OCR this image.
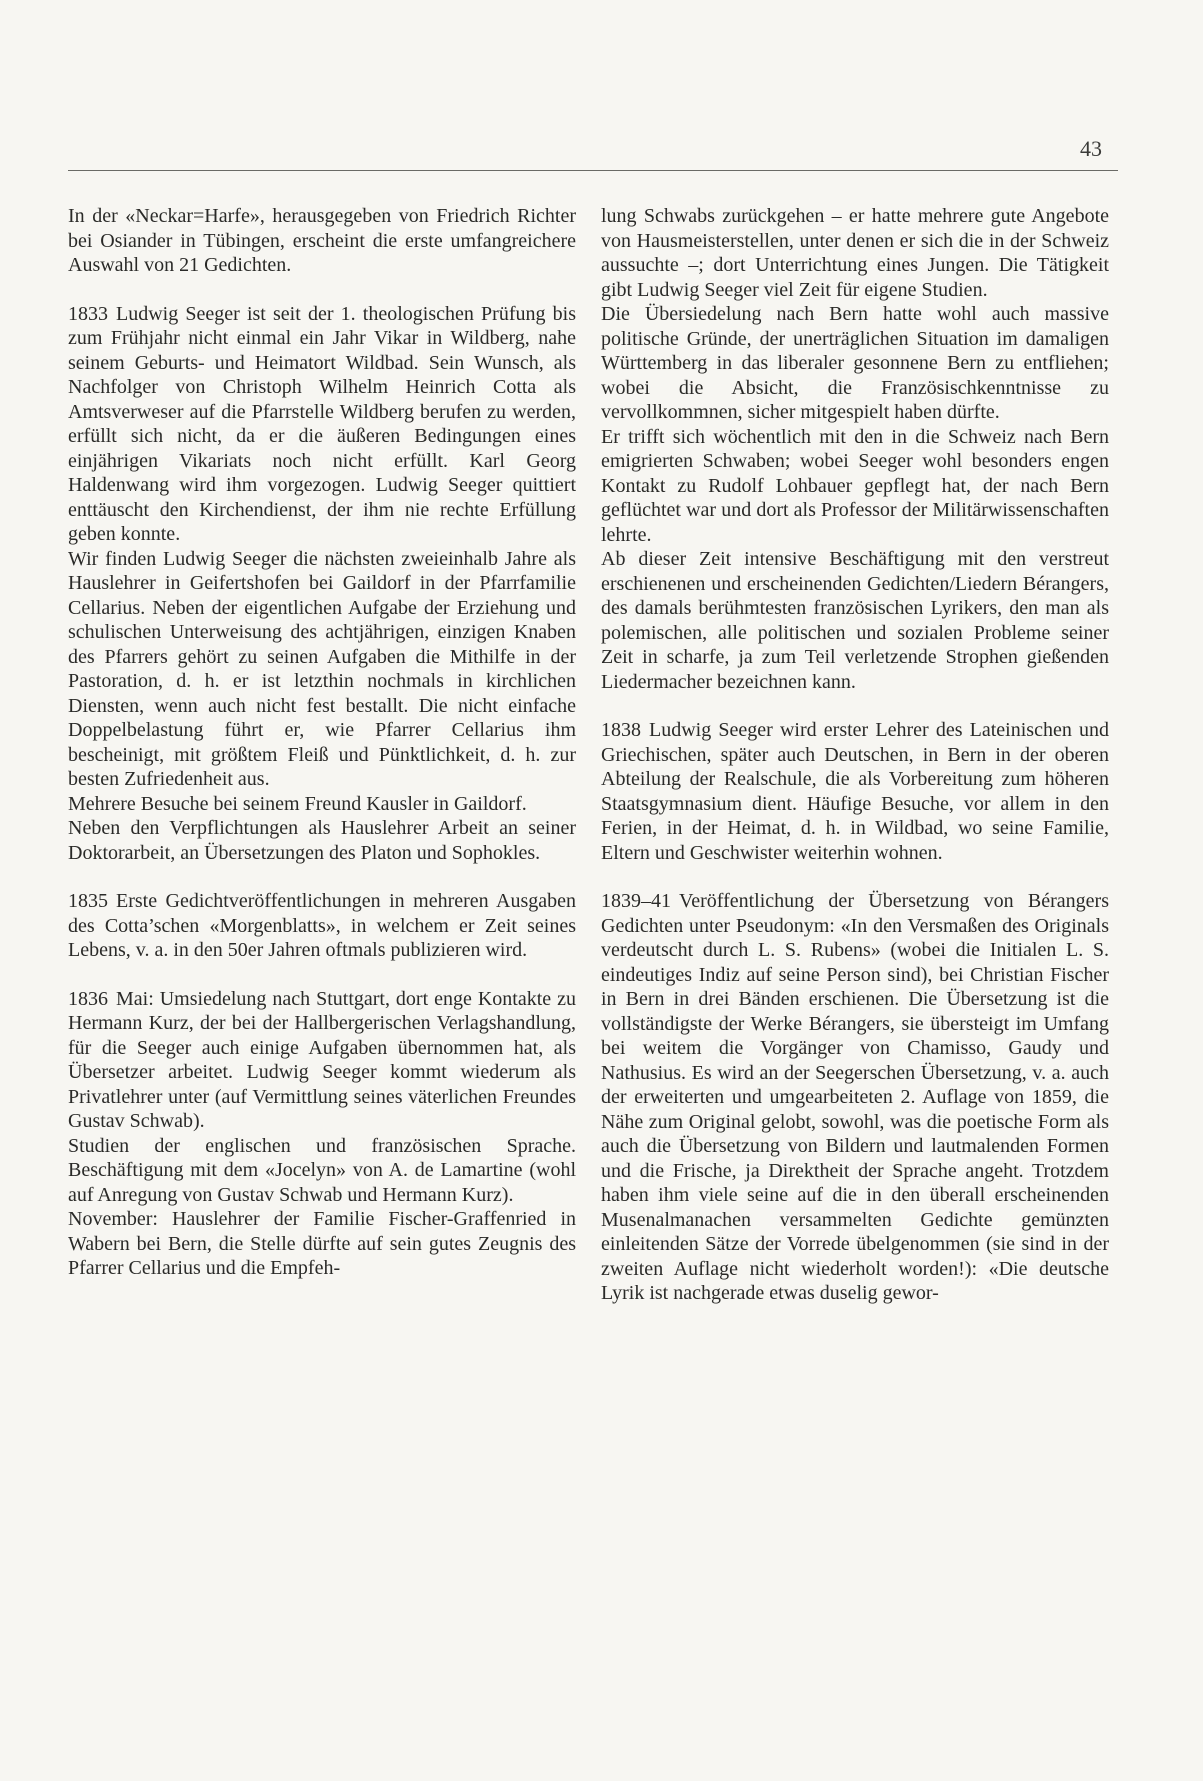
43

In der «Neckar=Harfe», herausgegeben von Friedrich Richter bei Osiander in Tübingen, erscheint die erste umfangreichere Auswahl von 21 Gedichten.

1833 Ludwig Seeger ist seit der 1. theologischen Prüfung bis zum Frühjahr nicht einmal ein Jahr Vikar in Wildberg, nahe seinem Geburts- und Heimatort Wildbad. Sein Wunsch, als Nachfolger von Christoph Wilhelm Heinrich Cotta als Amtsverweser auf die Pfarrstelle Wildberg berufen zu werden, erfüllt sich nicht, da er die äußeren Bedingungen eines einjährigen Vikariats noch nicht erfüllt. Karl Georg Haldenwang wird ihm vorgezogen. Ludwig Seeger quittiert enttäuscht den Kirchendienst, der ihm nie rechte Erfüllung geben konnte.

Wir finden Ludwig Seeger die nächsten zweieinhalb Jahre als Hauslehrer in Geifertshofen bei Gaildorf in der Pfarrfamilie Cellarius. Neben der eigentlichen Aufgabe der Erziehung und schulischen Unterweisung des achtjährigen, einzigen Knaben des Pfarrers gehört zu seinen Aufgaben die Mithilfe in der Pastoration, d. h. er ist letzthin nochmals in kirchlichen Diensten, wenn auch nicht fest bestallt. Die nicht einfache Doppelbelastung führt er, wie Pfarrer Cellarius ihm bescheinigt, mit größtem Fleiß und Pünktlichkeit, d. h. zur besten Zufriedenheit aus.

Mehrere Besuche bei seinem Freund Kausler in Gaildorf.

Neben den Verpflichtungen als Hauslehrer Arbeit an seiner Doktorarbeit, an Übersetzungen des Platon und Sophokles.

1835 Erste Gedichtveröffentlichungen in mehreren Ausgaben des Cotta’schen «Morgenblatts», in welchem er Zeit seines Lebens, v. a. in den 50er Jahren oftmals publizieren wird.

1836 Mai: Umsiedelung nach Stuttgart, dort enge Kontakte zu Hermann Kurz, der bei der Hallbergerischen Verlagshandlung, für die Seeger auch einige Aufgaben übernommen hat, als Übersetzer arbeitet. Ludwig Seeger kommt wiederum als Privatlehrer unter (auf Vermittlung seines väterlichen Freundes Gustav Schwab).

Studien der englischen und französischen Sprache. Beschäftigung mit dem «Jocelyn» von A. de Lamartine (wohl auf Anregung von Gustav Schwab und Hermann Kurz).

November: Hauslehrer der Familie Fischer-Graffenried in Wabern bei Bern, die Stelle dürfte auf sein gutes Zeugnis des Pfarrer Cellarius und die Empfeh-

lung Schwabs zurückgehen – er hatte mehrere gute Angebote von Hausmeisterstellen, unter denen er sich die in der Schweiz aussuchte –; dort Unterrichtung eines Jungen. Die Tätigkeit gibt Ludwig Seeger viel Zeit für eigene Studien.

Die Übersiedelung nach Bern hatte wohl auch massive politische Gründe, der unerträglichen Situation im damaligen Württemberg in das liberaler gesonnene Bern zu entfliehen; wobei die Absicht, die Französischkenntnisse zu vervollkommnen, sicher mitgespielt haben dürfte.

Er trifft sich wöchentlich mit den in die Schweiz nach Bern emigrierten Schwaben; wobei Seeger wohl besonders engen Kontakt zu Rudolf Lohbauer gepflegt hat, der nach Bern geflüchtet war und dort als Professor der Militärwissenschaften lehrte.

Ab dieser Zeit intensive Beschäftigung mit den verstreut erschienenen und erscheinenden Gedichten/Liedern Bérangers, des damals berühmtesten französischen Lyrikers, den man als polemischen, alle politischen und sozialen Probleme seiner Zeit in scharfe, ja zum Teil verletzende Strophen gießenden Liedermacher bezeichnen kann.

1838 Ludwig Seeger wird erster Lehrer des Lateinischen und Griechischen, später auch Deutschen, in Bern in der oberen Abteilung der Realschule, die als Vorbereitung zum höheren Staatsgymnasium dient. Häufige Besuche, vor allem in den Ferien, in der Heimat, d. h. in Wildbad, wo seine Familie, Eltern und Geschwister weiterhin wohnen.

1839–41 Veröffentlichung der Übersetzung von Bérangers Gedichten unter Pseudonym: «In den Versmaßen des Originals verdeutscht durch L. S. Rubens» (wobei die Initialen L. S. eindeutiges Indiz auf seine Person sind), bei Christian Fischer in Bern in drei Bänden erschienen. Die Übersetzung ist die vollständigste der Werke Bérangers, sie übersteigt im Umfang bei weitem die Vorgänger von Chamisso, Gaudy und Nathusius. Es wird an der Seegerschen Übersetzung, v. a. auch der erweiterten und umgearbeiteten 2. Auflage von 1859, die Nähe zum Original gelobt, sowohl, was die poetische Form als auch die Übersetzung von Bildern und lautmalenden Formen und die Frische, ja Direktheit der Sprache angeht. Trotzdem haben ihm viele seine auf die in den überall erscheinenden Musenalmanachen versammelten Gedichte gemünzten einleitenden Sätze der Vorrede übelgenommen (sie sind in der zweiten Auflage nicht wiederholt worden!): «Die deutsche Lyrik ist nachgerade etwas duselig gewor-
